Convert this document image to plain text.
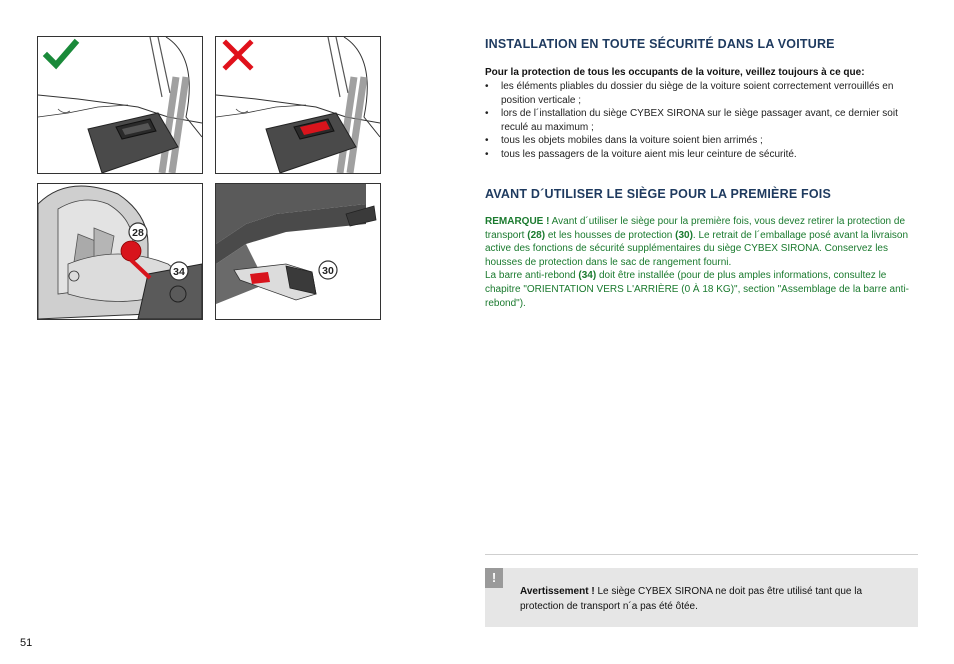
28
34	30
INSTALLATION EN TOUTE SÉCURITÉ DANS LA VOITURE
Pour la protection de tous les occupants de la voiture, veillez toujours à ce que:
• les éléments pliables du dossier du siège de la voiture soient correctement verrouillés en position verticale ;
• lors de l´installation du siège CYBEX SIRONA sur le siège passager avant, ce dernier soit reculé au maximum ;
• tous les objets mobiles dans la voiture soient bien arrimés ;
• tous les passagers de la voiture aient mis leur ceinture de sécurité.
AVANT D´UTILISER LE SIÈGE POUR LA PREMIÈRE FOIS
REMARQUE ! Avant d´utiliser le siège pour la première fois, vous devez retirer la protection de transport (28) et les housses de protection (30). Le retrait de l´emballage posé avant la livraison active des fonctions de sécurité supplémentaires du siège CYBEX SIRONA. Conservez les housses de protection dans le sac de rangement fourni.
La barre anti-rebond (34) doit être installée (pour de plus amples informations, consultez le chapitre "ORIENTATION VERS L'ARRIÈRE (0 À 18 KG)", section "Assemblage de la barre anti-rebond").
!
Avertissement ! Le siège CYBEX SIRONA ne doit pas être utilisé tant que la protection de transport n´a pas été ôtée.
51
